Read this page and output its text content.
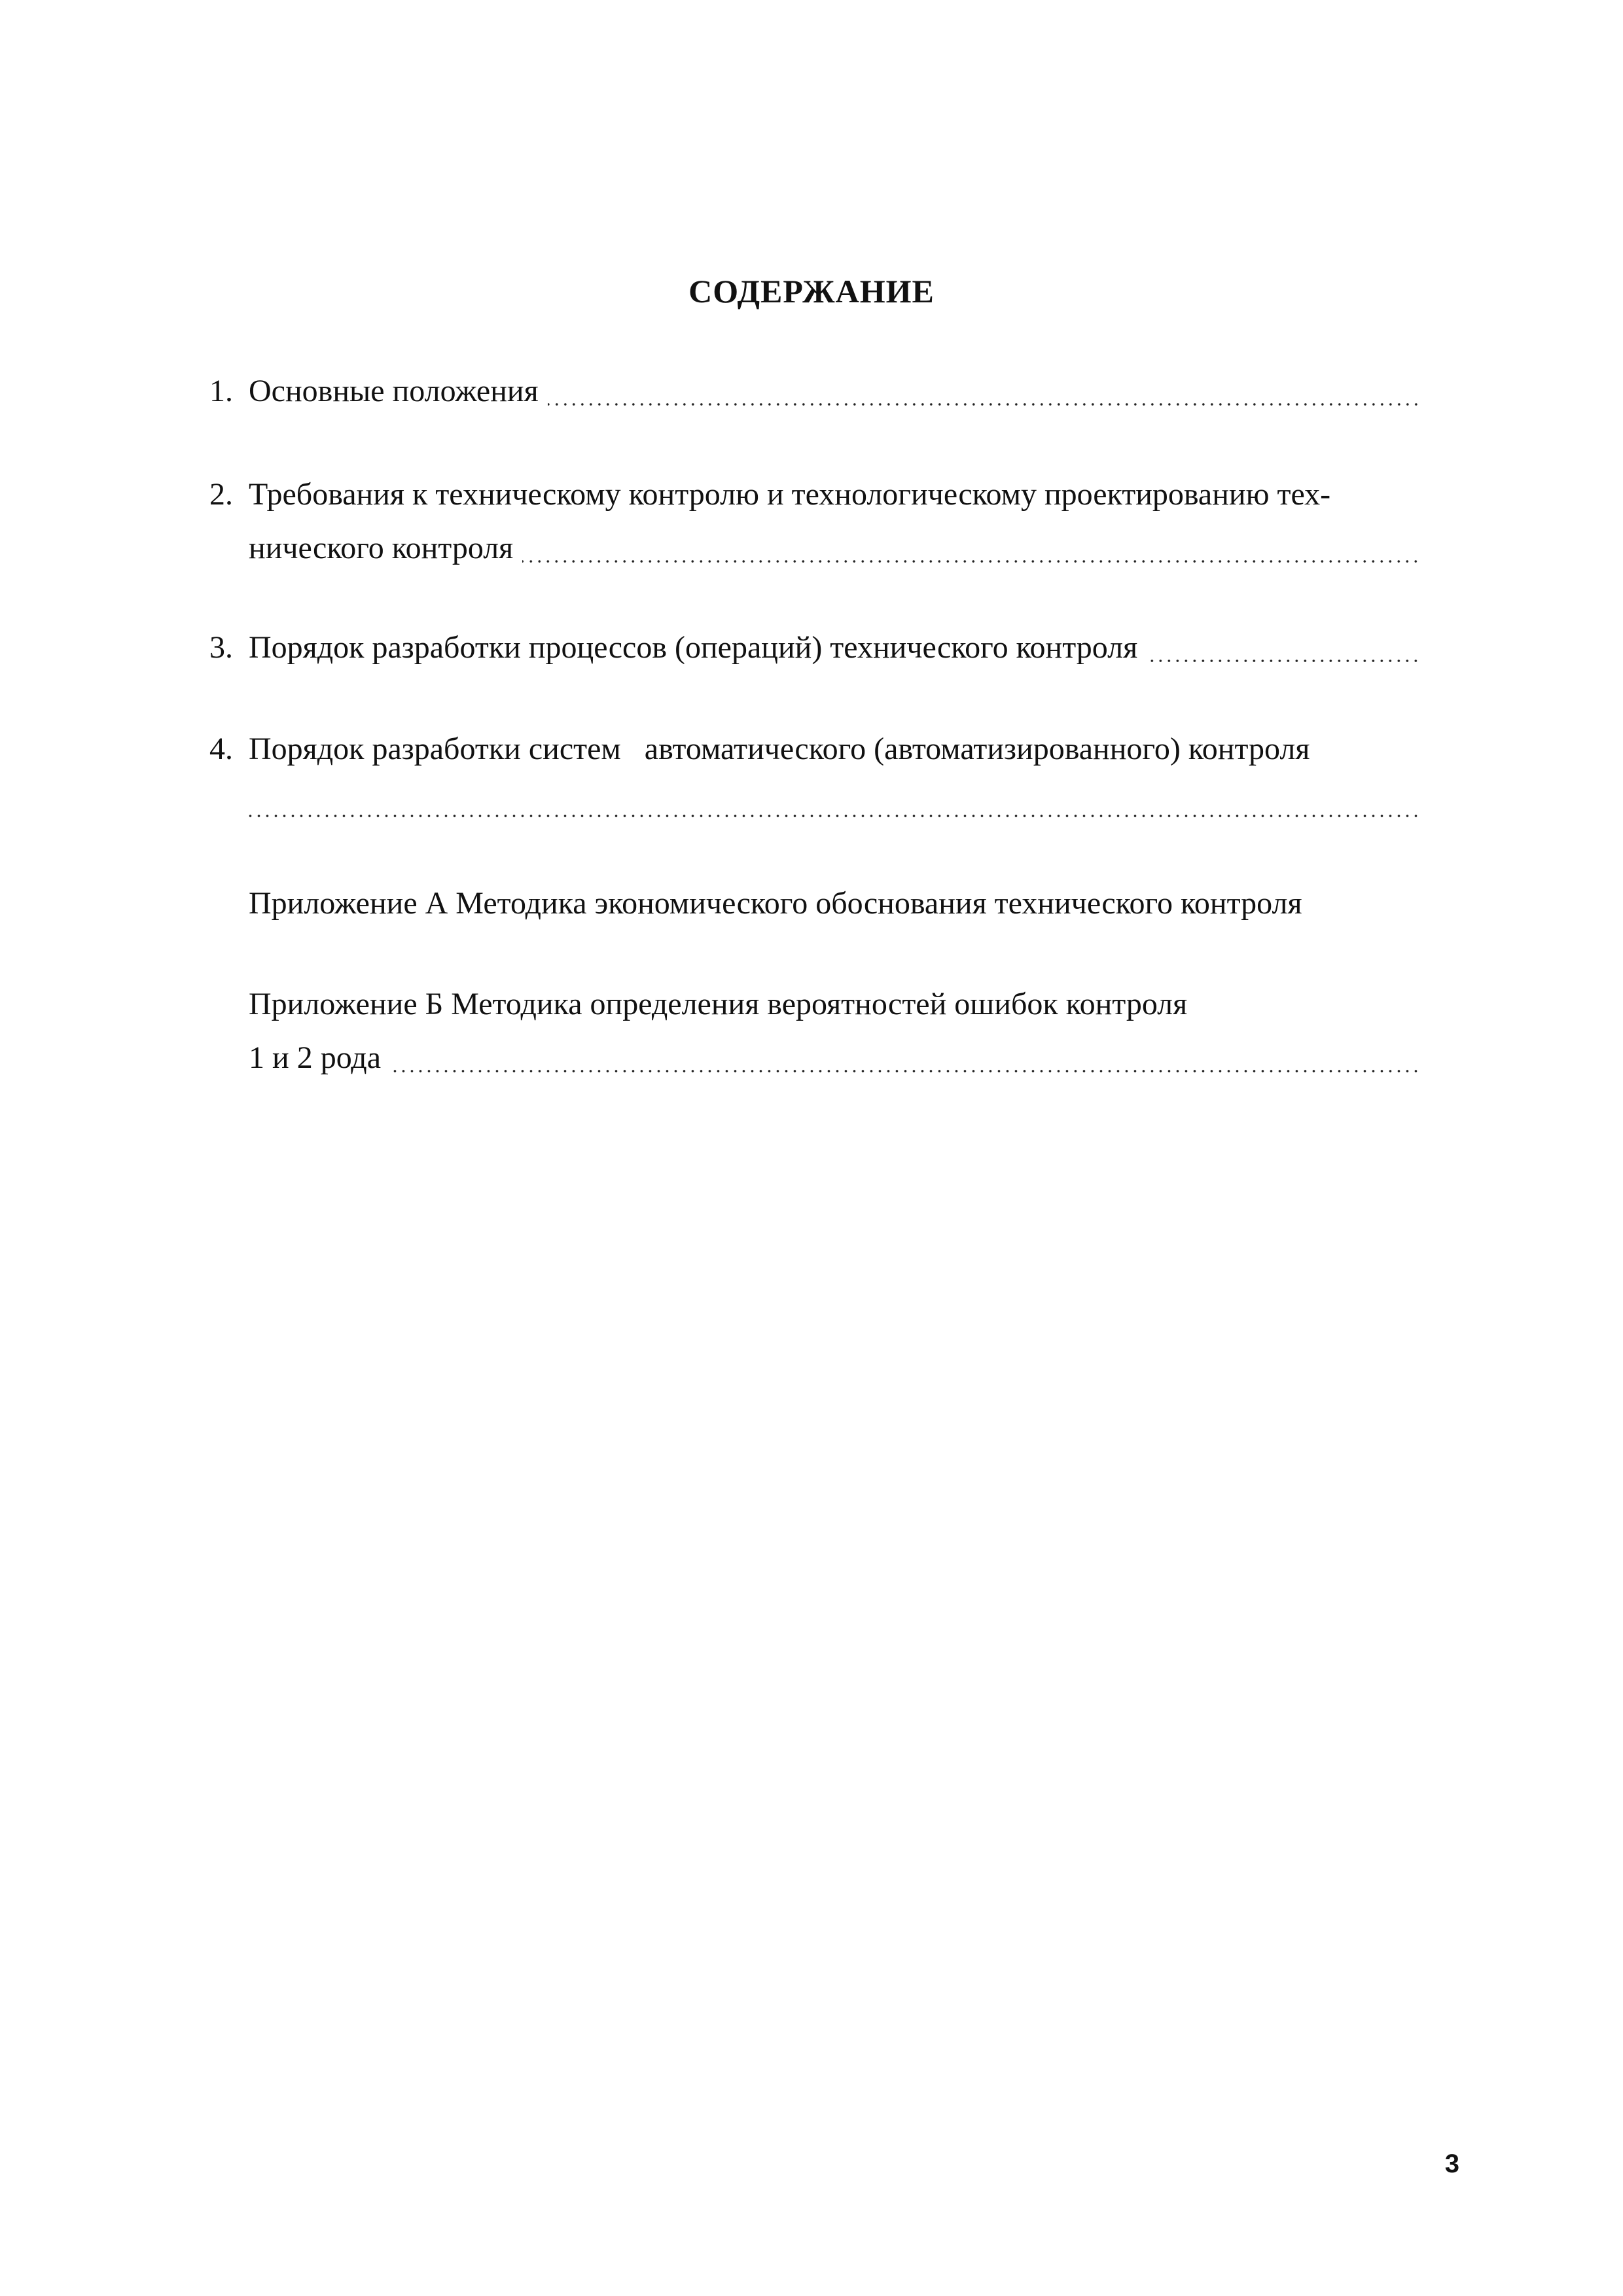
СОДЕРЖАНИЕ
1. Основные положения
2. Требования к техническому контролю и технологическому проектированию тех-
нического контроля
3. Порядок разработки процессов (операций) технического контроля
4. Порядок разработки систем   автоматического (автоматизированного) контроля
Приложение А Методика экономического обоснования технического контроля
Приложение Б Методика определения вероятностей ошибок контроля
1 и 2 рода
3
